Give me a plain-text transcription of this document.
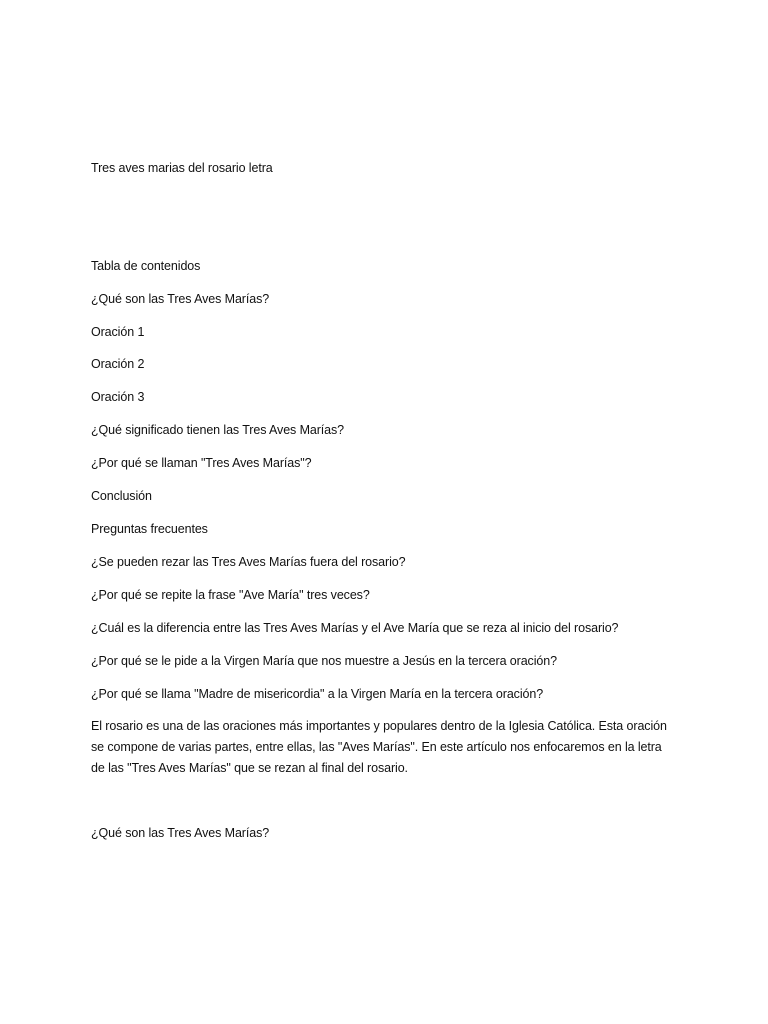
Tres aves marias del rosario letra
Tabla de contenidos
¿Qué son las Tres Aves Marías?
Oración 1
Oración 2
Oración 3
¿Qué significado tienen las Tres Aves Marías?
¿Por qué se llaman "Tres Aves Marías"?
Conclusión
Preguntas frecuentes
¿Se pueden rezar las Tres Aves Marías fuera del rosario?
¿Por qué se repite la frase "Ave María" tres veces?
¿Cuál es la diferencia entre las Tres Aves Marías y el Ave María que se reza al inicio del rosario?
¿Por qué se le pide a la Virgen María que nos muestre a Jesús en la tercera oración?
¿Por qué se llama "Madre de misericordia" a la Virgen María en la tercera oración?

El rosario es una de las oraciones más importantes y populares dentro de la Iglesia Católica. Esta oración

se compone de varias partes, entre ellas, las "Aves Marías". En este artículo nos enfocaremos en la letra

de las "Tres Aves Marías" que se rezan al final del rosario.

¿Qué son las Tres Aves Marías?
